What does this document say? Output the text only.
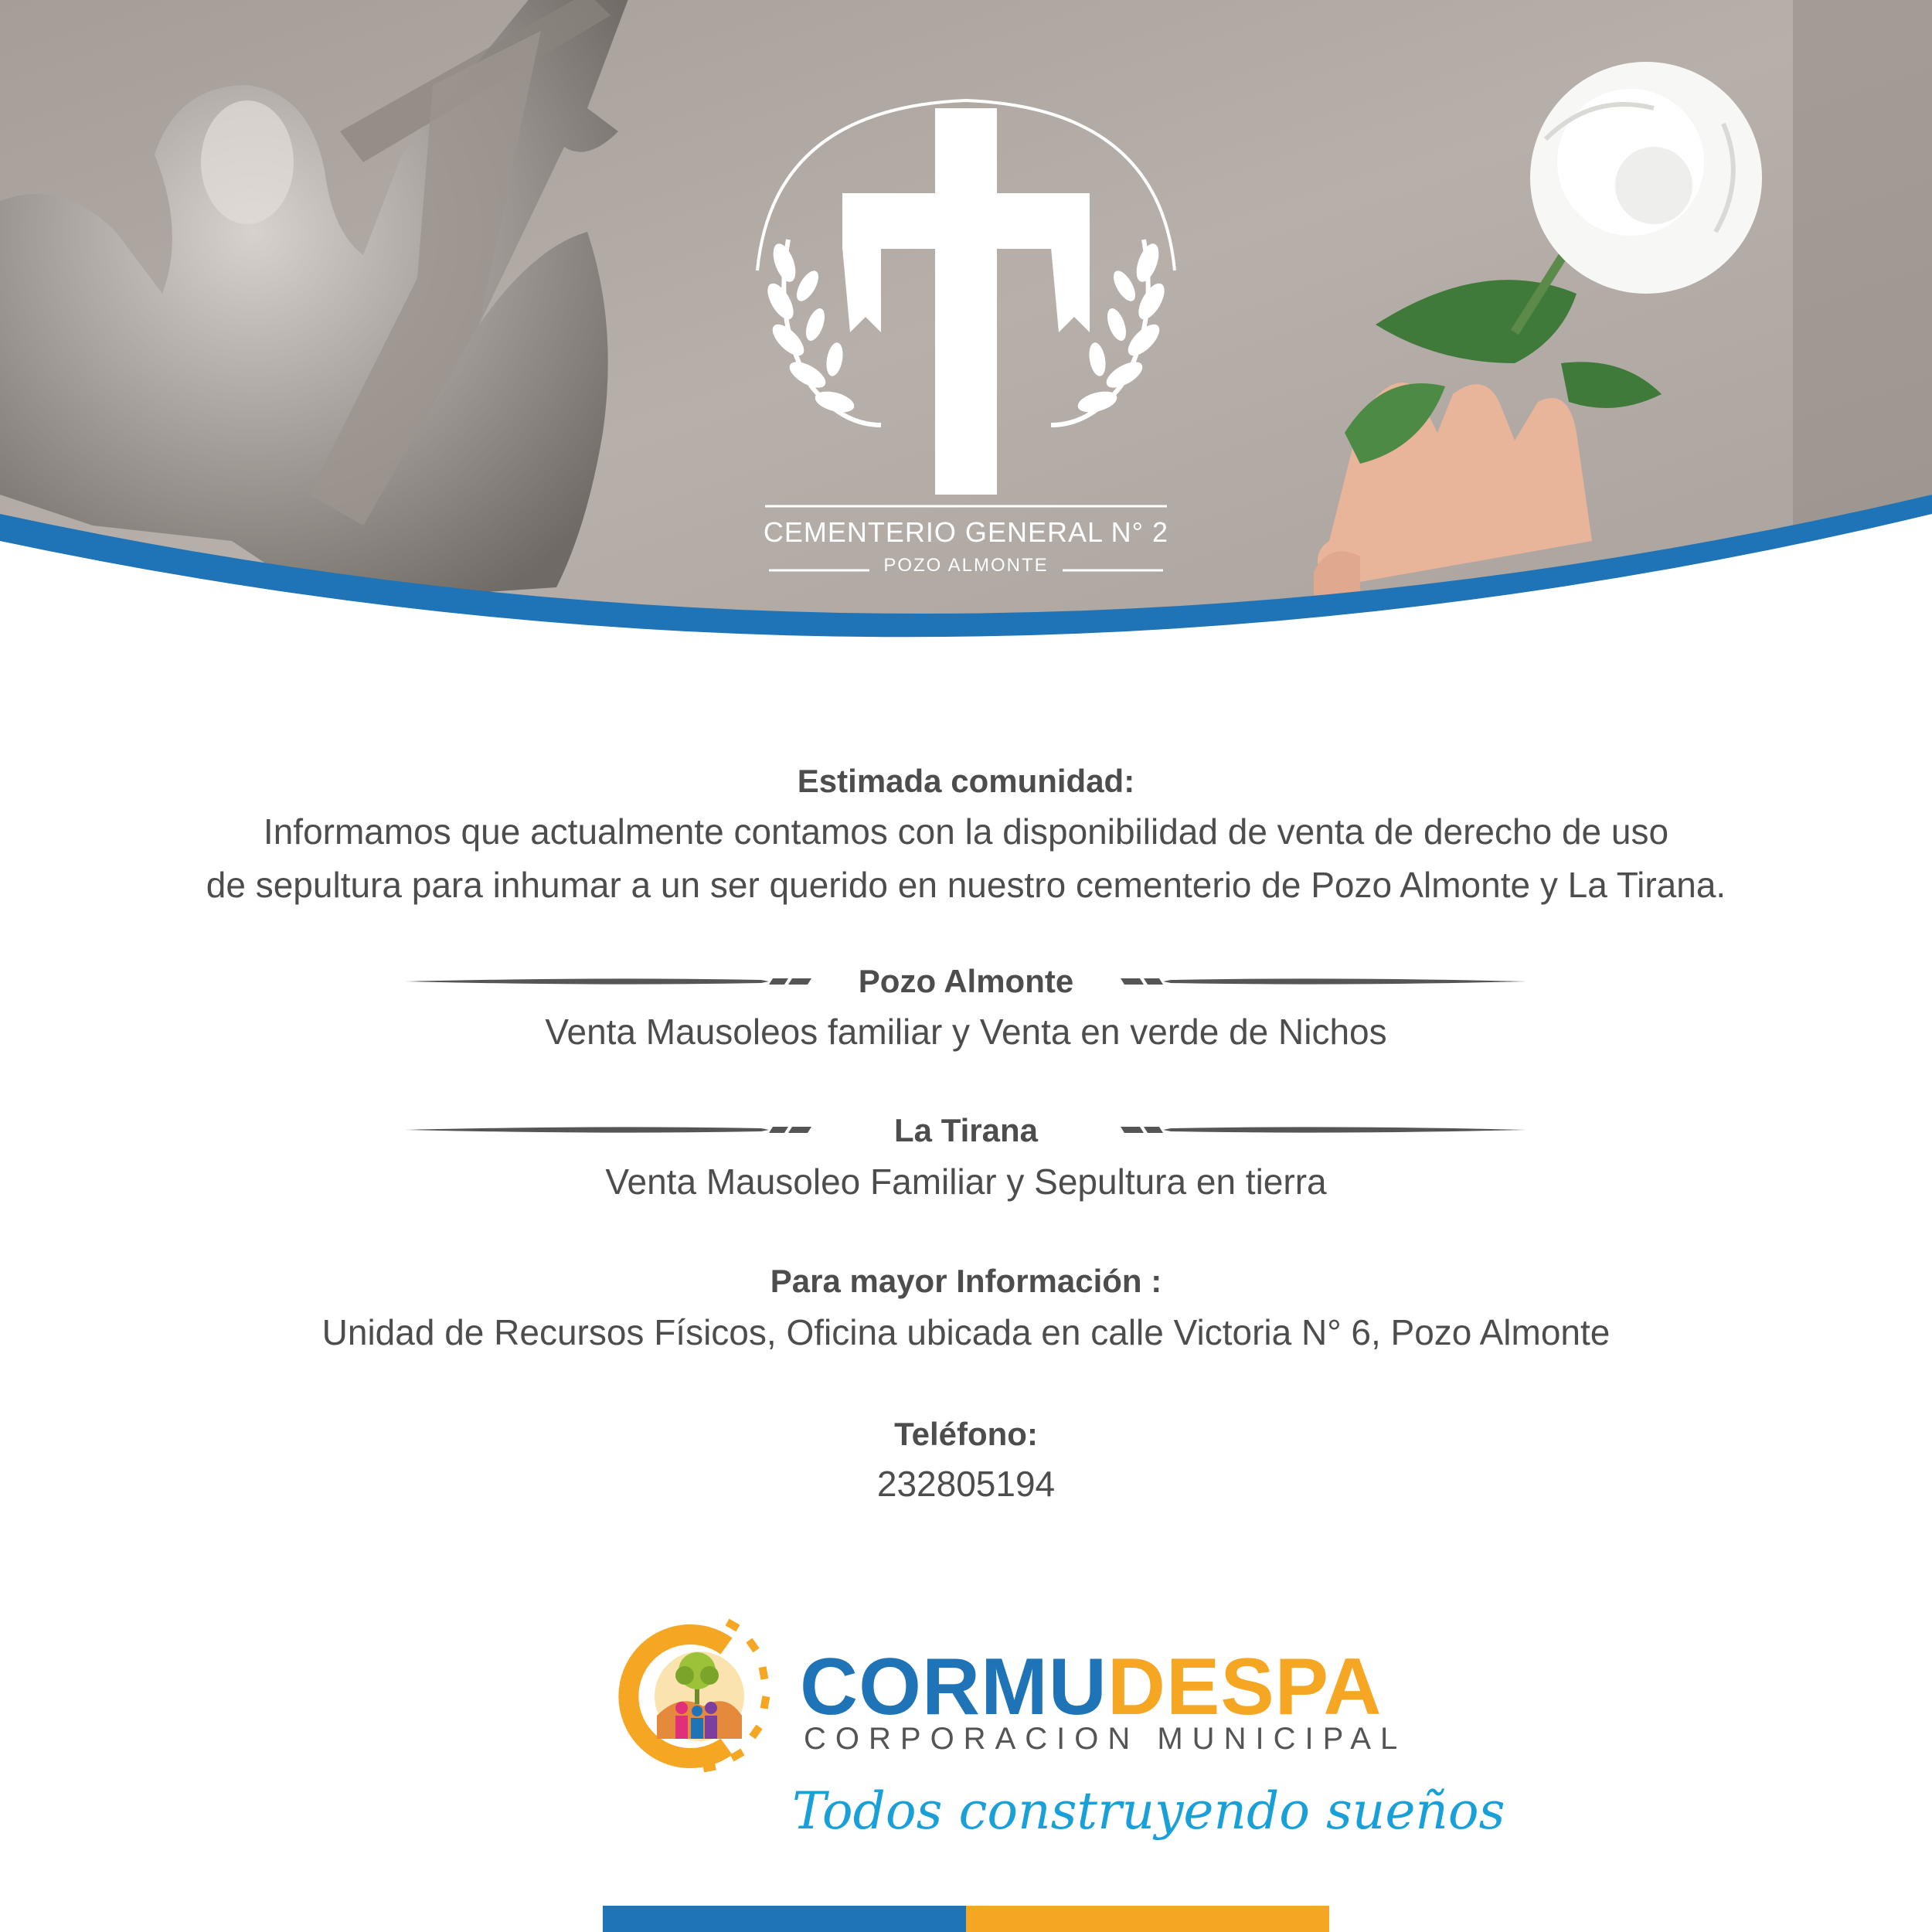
CEMENTERIO GENERAL N° 2
POZO ALMONTE
Estimada comunidad:
Informamos que actualmente contamos con la disponibilidad de venta de derecho de uso
de sepultura para inhumar a un ser querido en nuestro cementerio de Pozo Almonte y La Tirana.
Pozo Almonte
Venta Mausoleos familiar y Venta en verde de Nichos
La Tirana
Venta Mausoleo Familiar y Sepultura en tierra
Para mayor Información :
Unidad de Recursos Físicos, Oficina ubicada en calle Victoria N° 6, Pozo Almonte
Teléfono:
232805194
CORMUDESPA
CORPORACION MUNICIPAL
Todos construyendo sueños
